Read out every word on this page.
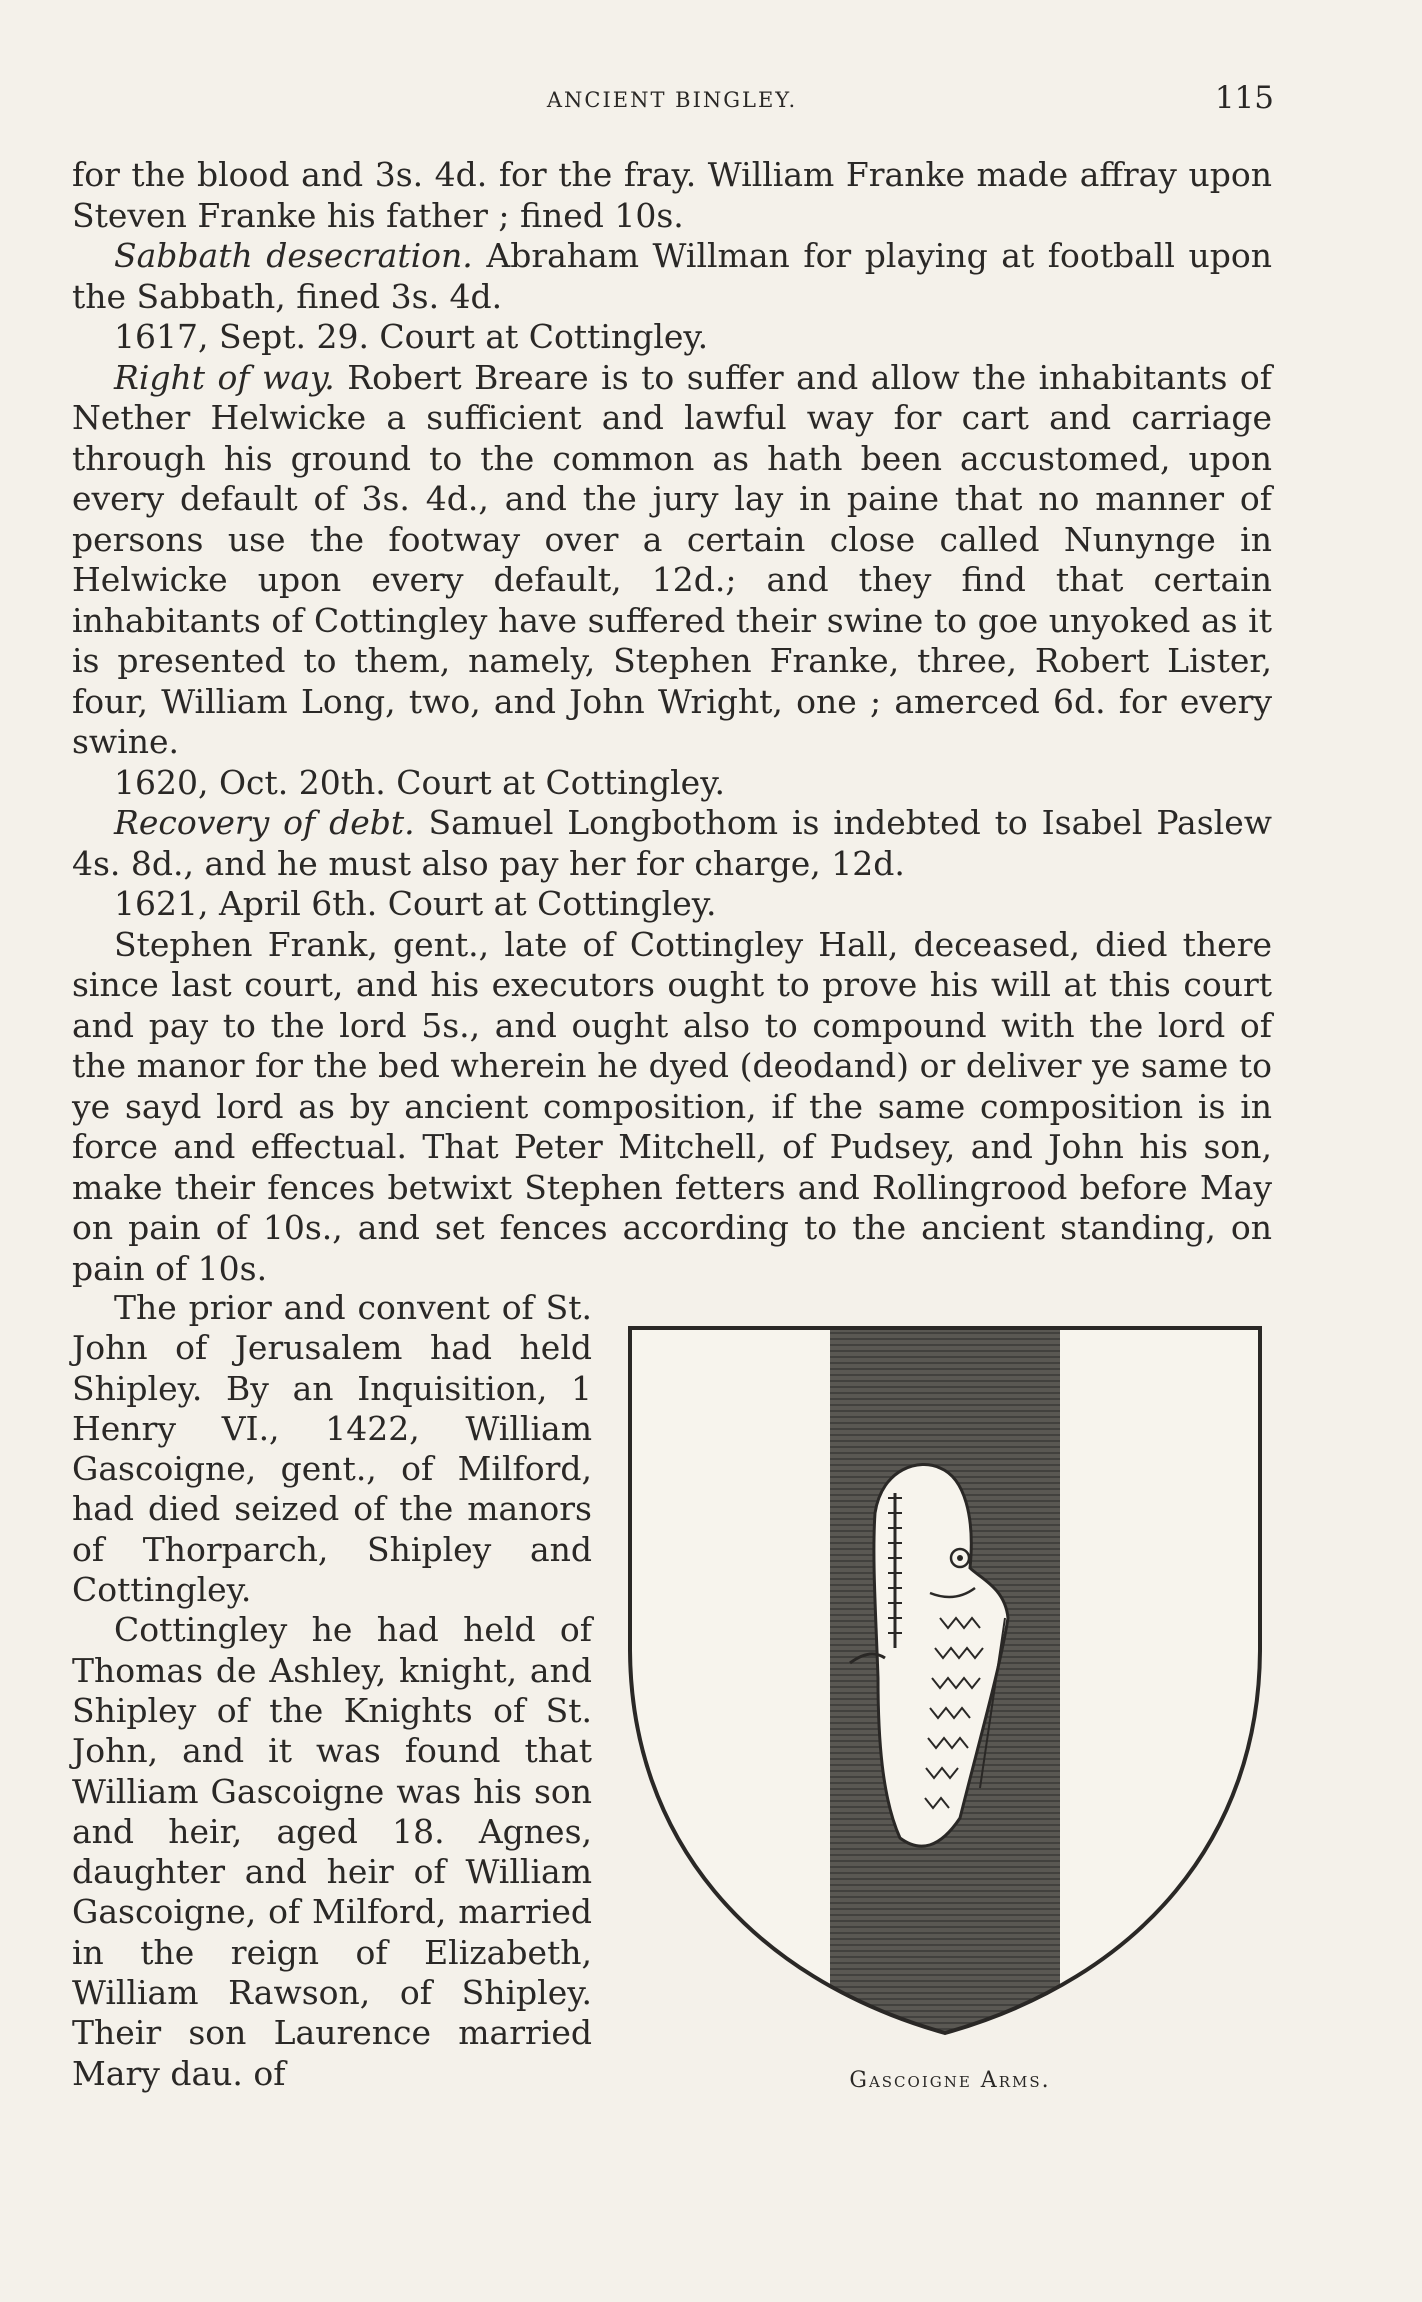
ANCIENT BINGLEY.	115

for the blood and 3s. 4d. for the fray. William Franke made affray upon Steven Franke his father ; fined 10s.

Sabbath desecration. Abraham Willman for playing at football upon the Sabbath, fined 3s. 4d.

1617, Sept. 29. Court at Cottingley.

Right of way. Robert Breare is to suffer and allow the inhabitants of Nether Helwicke a sufficient and lawful way for cart and carriage through his ground to the common as hath been accustomed, upon every default of 3s. 4d., and the jury lay in paine that no manner of persons use the footway over a certain close called Nunynge in Helwicke upon every default, 12d.; and they find that certain inhabitants of Cottingley have suffered their swine to goe unyoked as it is presented to them, namely, Stephen Franke, three, Robert Lister, four, William Long, two, and John Wright, one ; amerced 6d. for every swine.

1620, Oct. 20th. Court at Cottingley.

Recovery of debt. Samuel Longbothom is indebted to Isabel Paslew 4s. 8d., and he must also pay her for charge, 12d.

1621, April 6th. Court at Cottingley.

Stephen Frank, gent., late of Cottingley Hall, deceased, died there since last court, and his executors ought to prove his will at this court and pay to the lord 5s., and ought also to compound with the lord of the manor for the bed wherein he dyed (deodand) or deliver ye same to ye sayd lord as by ancient composition, if the same composition is in force and effectual. That Peter Mitchell, of Pudsey, and John his son, make their fences betwixt Stephen fetters and Rollingrood before May on pain of 10s., and set fences according to the ancient standing, on pain of 10s.

The prior and convent of St. John of Jerusalem had held Shipley. By an Inquisition, 1 Henry VI., 1422, William Gascoigne, gent., of Milford, had died seized of the manors of Thorparch, Shipley and Cottingley.

Cottingley he had held of Thomas de Ashley, knight, and Shipley of the Knights of St. John, and it was found that William Gascoigne was his son and heir, aged 18. Agnes, daughter and heir of William Gascoigne, of Milford, married in the reign of Elizabeth, William Rawson, of Shipley. Their son Laurence married Mary dau. of	Gascoigne Arms.
